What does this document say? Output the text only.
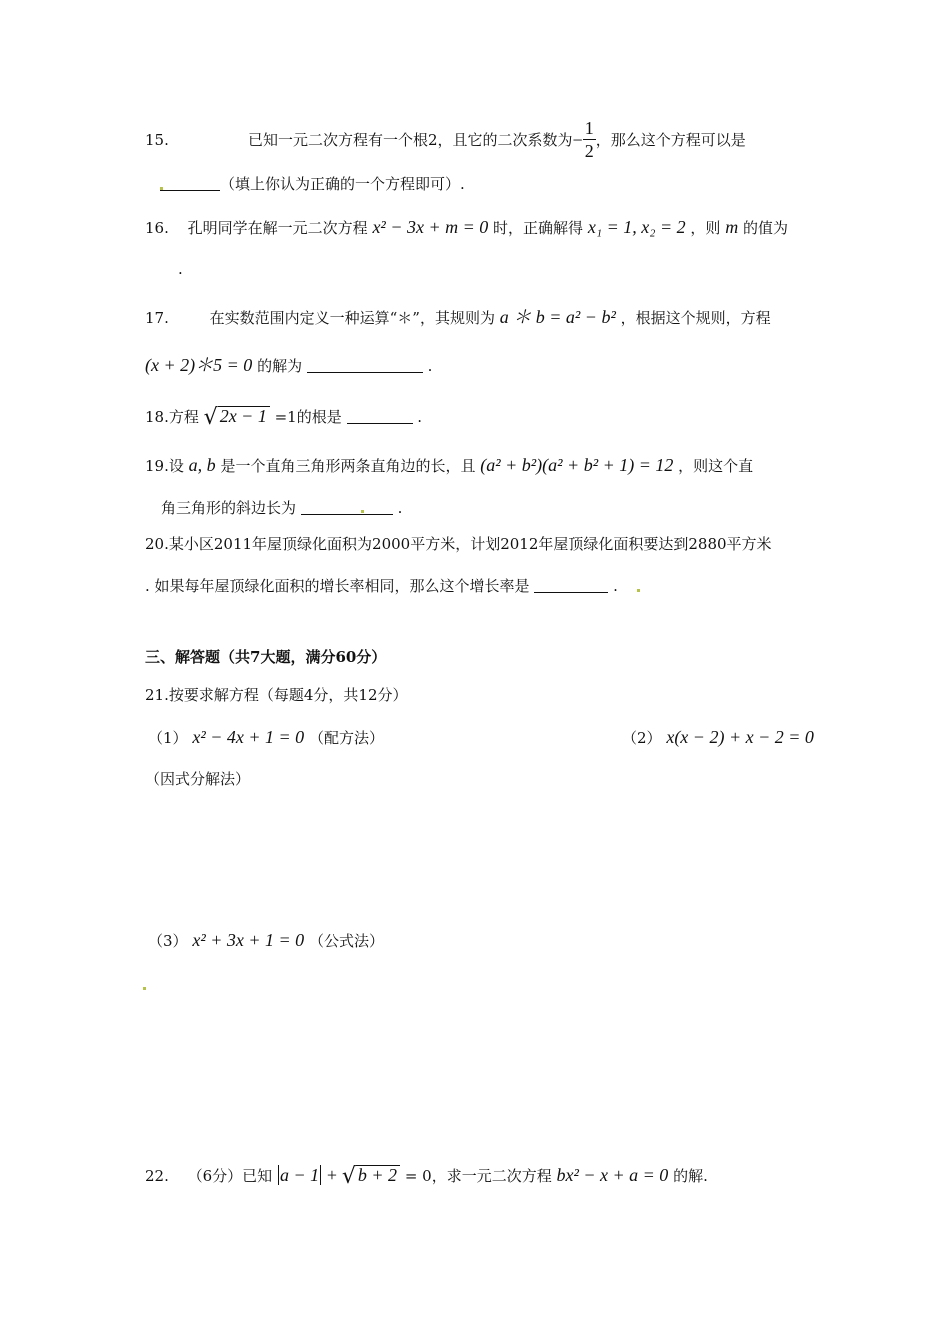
15.	已知一元二次方程有一个根2，且它的二次系数为 − $\frac{1}{2}$ ，那么这个方程可以是
（填上你认为正确的一个方程即可）.
16. 孔明同学在解一元二次方程 x² − 3x + m = 0 时，正确解得 x₁ = 1, x₂ = 2 ，则 m 的值为
.
17.	在实数范围内定义一种运算“＊”，其规则为 a ＊ b = a² − b² ，根据这个规则，方程
(x + 2)＊5 = 0 的解为	.
18.方程 √ 2x − 1 =1的根是	.
19.设 a, b 是一个直角三角形两条直角边的长，且 (a² + b²)(a² + b² + 1) = 12 ，则这个直
角三角形的斜边长为	.
20.某小区2011年屋顶绿化面积为2000平方米，计划2012年屋顶绿化面积要达到2880平方米
. 如果每年屋顶绿化面积的增长率相同，那么这个增长率是	.
三、解答题（共7大题，满分60分）
21.按要求解方程（每题4分，共12分）
（1） x² − 4x + 1 = 0 （配方法）	（2） x(x − 2) + x − 2 = 0
（因式分解法）
（3） x² + 3x + 1 = 0 （公式法）
22. （6分）已知 a − 1 + √ b + 2 = 0，求一元二次方程 bx² − x + a = 0 的解.
